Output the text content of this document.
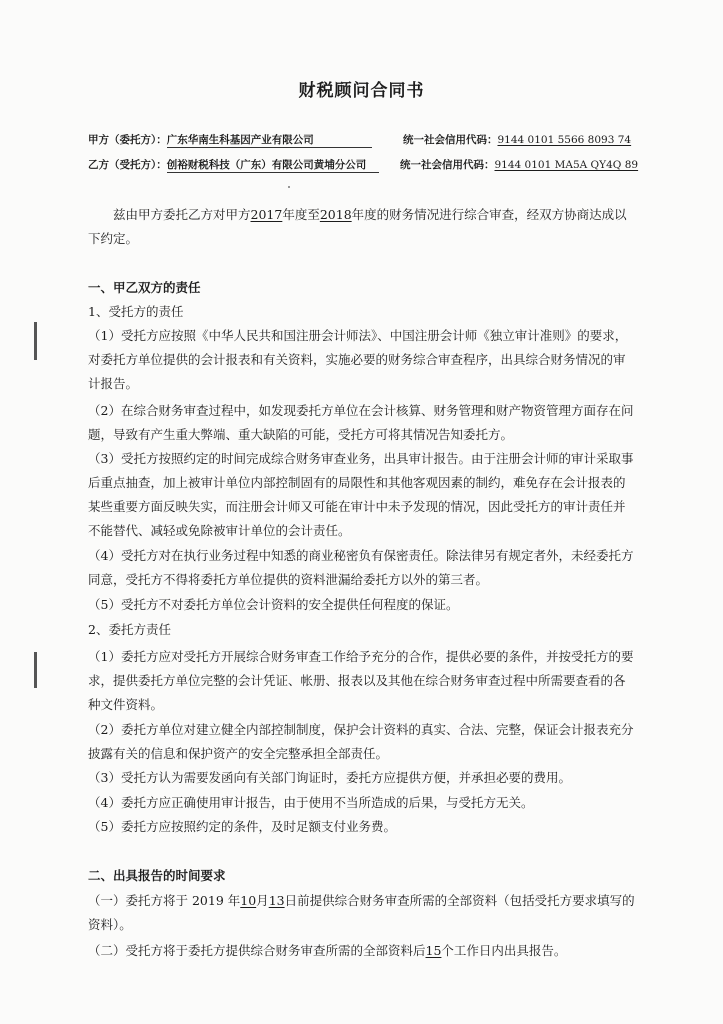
财税顾问合同书
甲方（委托方）：广东华南生科基因产业有限公司	统一社会信用代码：9144 0101 5566 8093 74
乙方（受托方）：创裕财税科技（广东）有限公司黄埔分公司	统一社会信用代码：9144 0101 MA5A QY4Q 89

兹由甲方委托乙方对甲方2017年度至2018年度的财务情况进行综合审查，经双方协商达成以下约定。

一、甲乙双方的责任
1、受托方的责任

（1）受托方应按照《中华人民共和国注册会计师法》、中国注册会计师《独立审计准则》的要求，对委托方单位提供的会计报表和有关资料，实施必要的财务综合审查程序，出具综合财务情况的审计报告。

（2）在综合财务审查过程中，如发现委托方单位在会计核算、财务管理和财产物资管理方面存在问题，导致有产生重大弊端、重大缺陷的可能，受托方可将其情况告知委托方。

（3）受托方按照约定的时间完成综合财务审查业务，出具审计报告。由于注册会计师的审计采取事后重点抽查，加上被审计单位内部控制固有的局限性和其他客观因素的制约，难免存在会计报表的某些重要方面反映失实，而注册会计师又可能在审计中未予发现的情况，因此受托方的审计责任并不能替代、减轻或免除被审计单位的会计责任。

（4）受托方对在执行业务过程中知悉的商业秘密负有保密责任。除法律另有规定者外，未经委托方同意，受托方不得将委托方单位提供的资料泄漏给委托方以外的第三者。

（5）受托方不对委托方单位会计资料的安全提供任何程度的保证。

2、委托方责任

（1）委托方应对受托方开展综合财务审查工作给予充分的合作，提供必要的条件，并按受托方的要求，提供委托方单位完整的会计凭证、帐册、报表以及其他在综合财务审查过程中所需要查看的各种文件资料。

（2）委托方单位对建立健全内部控制制度，保护会计资料的真实、合法、完整，保证会计报表充分披露有关的信息和保护资产的安全完整承担全部责任。

（3）受托方认为需要发函向有关部门询证时，委托方应提供方便，并承担必要的费用。

（4）委托方应正确使用审计报告，由于使用不当所造成的后果，与受托方无关。

（5）委托方应按照约定的条件，及时足额支付业务费。

二、出具报告的时间要求

（一）委托方将于 2019 年10月13日前提供综合财务审查所需的全部资料（包括受托方要求填写的资料）。

（二）受托方将于委托方提供综合财务审查所需的全部资料后15个工作日内出具报告。
